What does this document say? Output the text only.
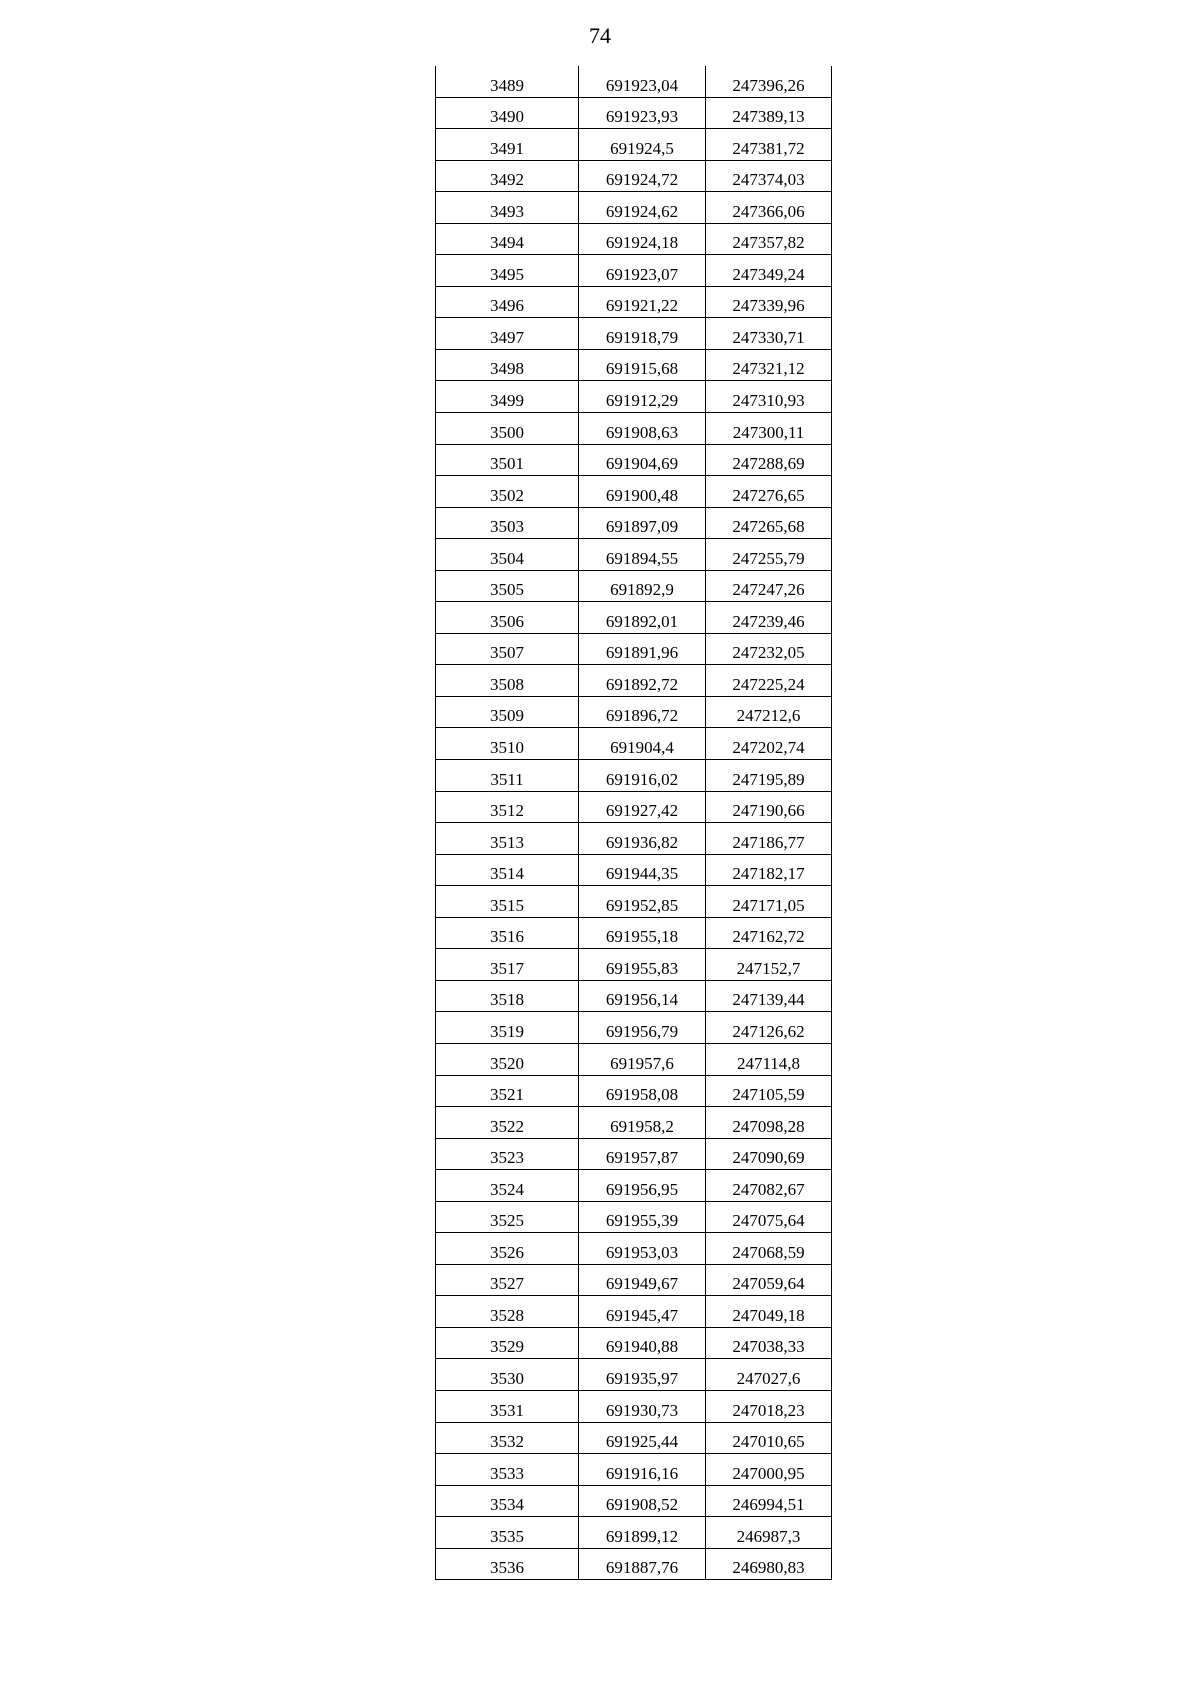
74
3489	691923,04	247396,26
3490	691923,93	247389,13
3491	691924,5	247381,72
3492	691924,72	247374,03
3493	691924,62	247366,06
3494	691924,18	247357,82
3495	691923,07	247349,24
3496	691921,22	247339,96
3497	691918,79	247330,71
3498	691915,68	247321,12
3499	691912,29	247310,93
3500	691908,63	247300,11
3501	691904,69	247288,69
3502	691900,48	247276,65
3503	691897,09	247265,68
3504	691894,55	247255,79
3505	691892,9	247247,26
3506	691892,01	247239,46
3507	691891,96	247232,05
3508	691892,72	247225,24
3509	691896,72	247212,6
3510	691904,4	247202,74
3511	691916,02	247195,89
3512	691927,42	247190,66
3513	691936,82	247186,77
3514	691944,35	247182,17
3515	691952,85	247171,05
3516	691955,18	247162,72
3517	691955,83	247152,7
3518	691956,14	247139,44
3519	691956,79	247126,62
3520	691957,6	247114,8
3521	691958,08	247105,59
3522	691958,2	247098,28
3523	691957,87	247090,69
3524	691956,95	247082,67
3525	691955,39	247075,64
3526	691953,03	247068,59
3527	691949,67	247059,64
3528	691945,47	247049,18
3529	691940,88	247038,33
3530	691935,97	247027,6
3531	691930,73	247018,23
3532	691925,44	247010,65
3533	691916,16	247000,95
3534	691908,52	246994,51
3535	691899,12	246987,3
3536	691887,76	246980,83
